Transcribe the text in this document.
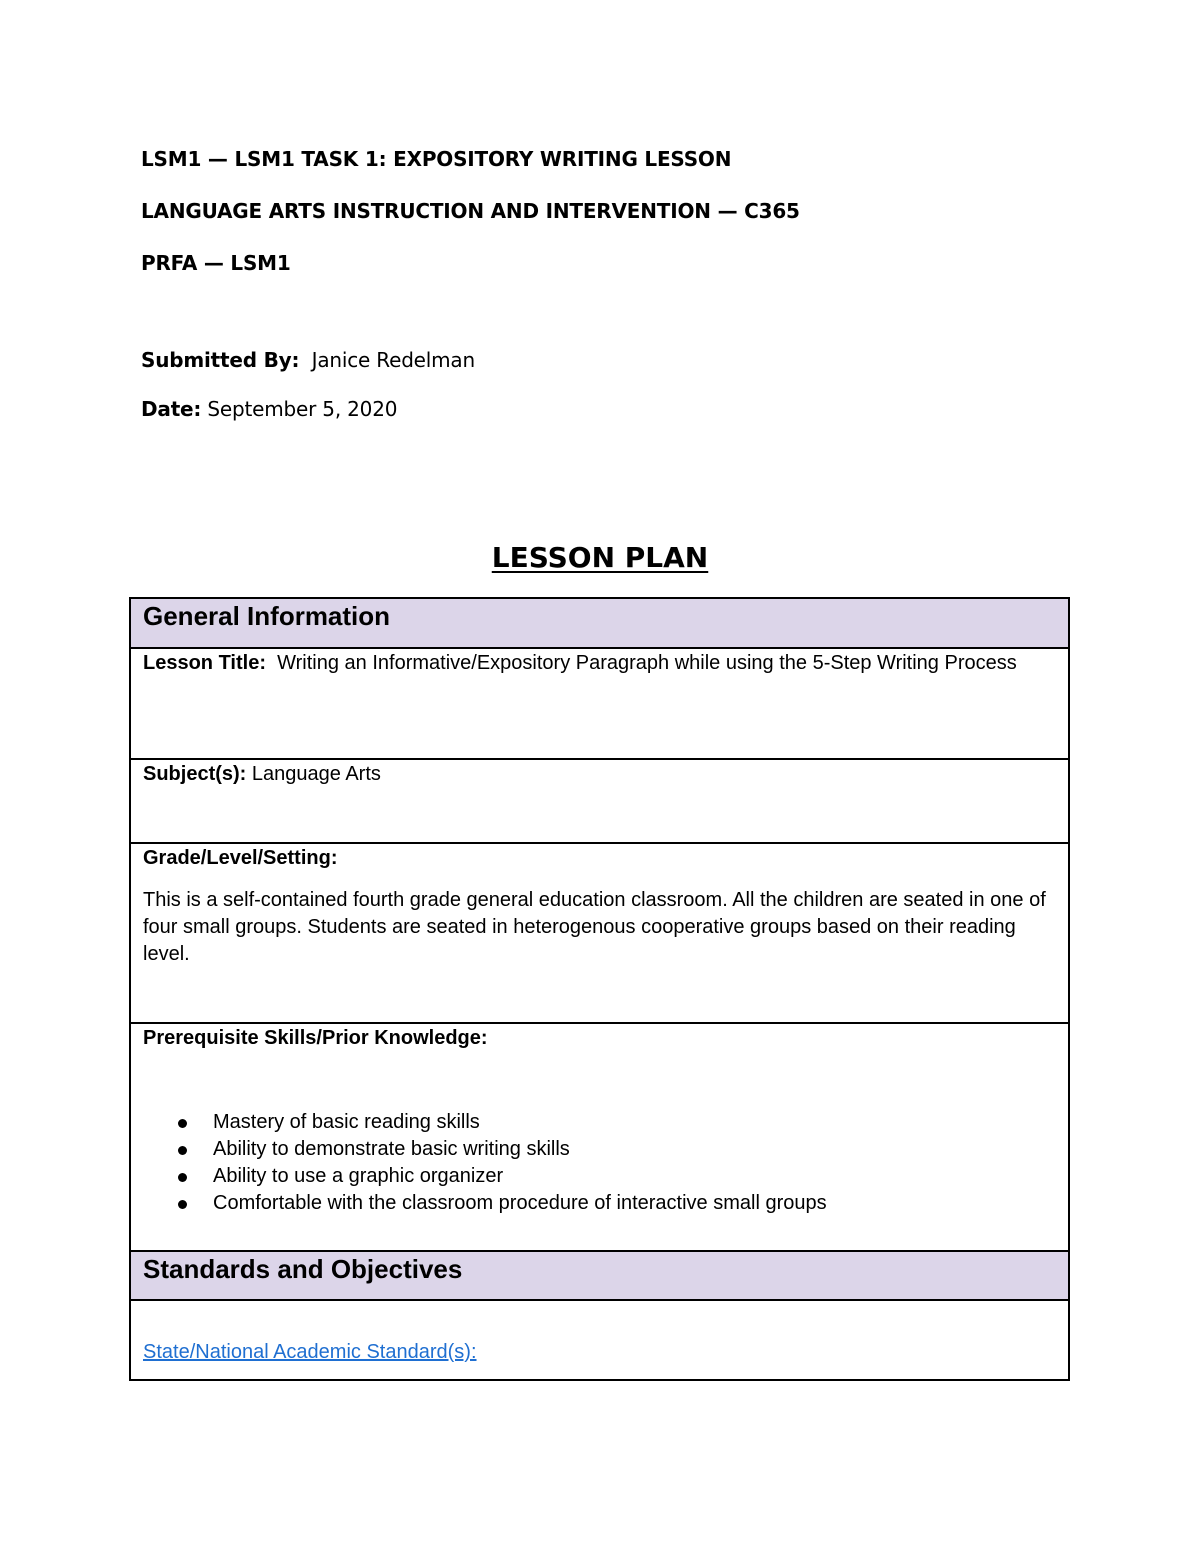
LSM1 — LSM1 TASK 1: EXPOSITORY WRITING LESSON

LANGUAGE ARTS INSTRUCTION AND INTERVENTION — C365

PRFA — LSM1

Submitted By: Janice Redelman

Date: September 5, 2020

LESSON PLAN
General Information
Lesson Title: Writing an Informative/Expository Paragraph while using the 5-Step Writing Process
Subject(s): Language Arts
Grade/Level/Setting:
This is a self-contained fourth grade general education classroom. All the children are seated in one of four small groups. Students are seated in heterogenous cooperative groups based on their reading level.
Prerequisite Skills/Prior Knowledge:
Mastery of basic reading skills
Ability to demonstrate basic writing skills
Ability to use a graphic organizer
Comfortable with the classroom procedure of interactive small groups
Standards and Objectives
State/National Academic Standard(s):
